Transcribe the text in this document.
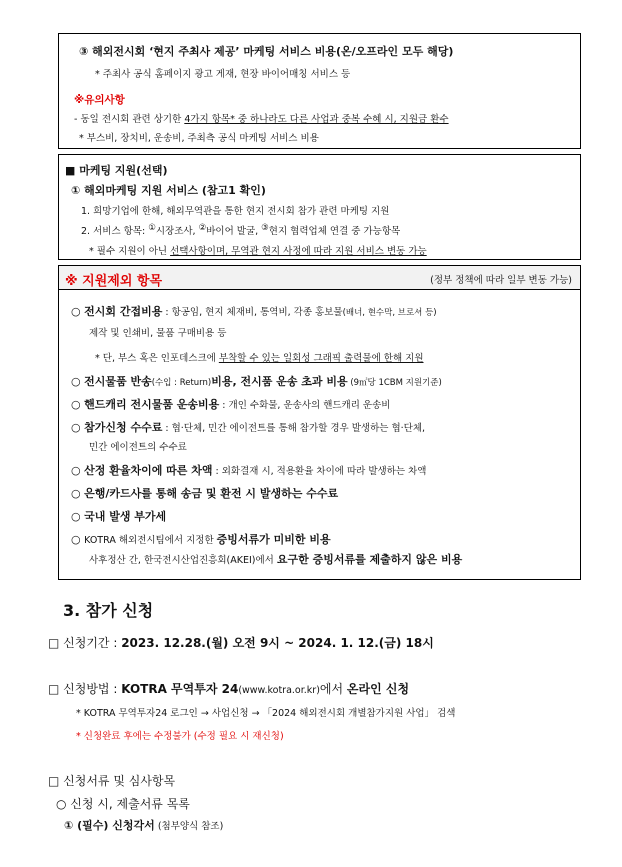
③ 해외전시회 ‘현지 주최사 제공’ 마케팅 서비스 비용(온/오프라인 모두 해당)
* 주최사 공식 홈페이지 광고 게재, 현장 바이어매칭 서비스 등
※유의사항
- 동일 전시회 관련 상기한 4가지 항목* 중 하나라도 다른 사업과 중복 수혜 시, 지원금 환수
* 부스비, 장치비, 운송비, 주최측 공식 마케팅 서비스 비용
■ 마케팅 지원(선택)
① 해외마케팅 지원 서비스 (참고1 확인)
1. 희망기업에 한해, 해외무역관을 통한 현지 전시회 참가 관련 마케팅 지원
2. 서비스 항목: ①시장조사, ②바이어 발굴, ③현지 협력업체 연결 중 가능항목
* 필수 지원이 아닌 선택사항이며, 무역관 현지 사정에 따라 지원 서비스 변동 가능
※ 지원제외 항목	(정부 정책에 따라 일부 변동 가능)
○ 전시회 간접비용 : 항공임, 현지 체재비, 통역비, 각종 홍보물(배너, 현수막, 브로셔 등)
제작 및 인쇄비, 물품 구매비용 등
* 단, 부스 혹은 인포데스크에 부착할 수 있는 일회성 그래픽 출력물에 한해 지원
○ 전시물품 반송(수입 : Return)비용, 전시품 운송 초과 비용 (9㎥당 1CBM 지원기준)
○ 핸드캐리 전시물품 운송비용 : 개인 수화물, 운송사의 핸드캐리 운송비
○ 참가신청 수수료 : 협·단체, 민간 에이전트를 통해 참가할 경우 발생하는 협·단체,
민간 에이전트의 수수료
○ 산정 환율차이에 따른 차액 : 외화결재 시, 적용환율 차이에 따라 발생하는 차액
○ 은행/카드사를 통해 송금 및 환전 시 발생하는 수수료
○ 국내 발생 부가세
○ KOTRA 해외전시팀에서 지정한 증빙서류가 미비한 비용
사후정산 간, 한국전시산업진흥회(AKEI)에서 요구한 증빙서류를 제출하지 않은 비용
3. 참가 신청
□ 신청기간 : 2023. 12.28.(월) 오전 9시 ~ 2024. 1. 12.(금) 18시
□ 신청방법 : KOTRA 무역투자 24(www.kotra.or.kr)에서 온라인 신청
* KOTRA 무역투자24 로그인 → 사업신청 → 「2024 해외전시회 개별참가지원 사업」 검색
* 신청완료 후에는 수정불가 (수정 필요 시 재신청)
□ 신청서류 및 심사항목
○ 신청 시, 제출서류 목록
① (필수) 신청각서 (첨부양식 참조)
